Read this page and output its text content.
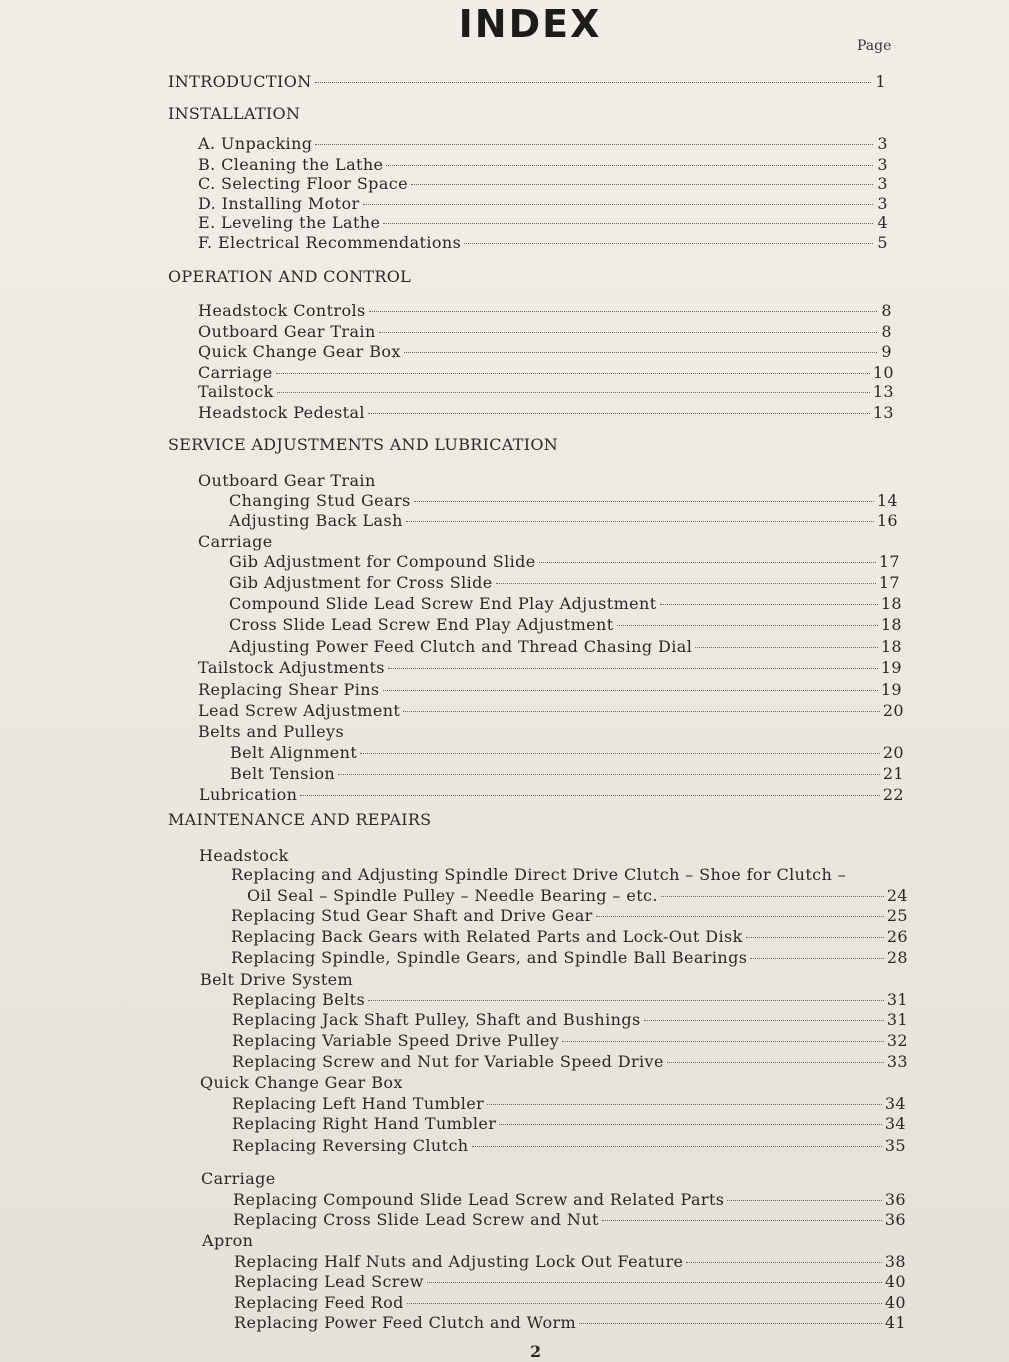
INDEX	Page
INTRODUCTION	1
INSTALLATION
A. Unpacking	3
B. Cleaning the Lathe	3
C. Selecting Floor Space	3
D. Installing Motor	3
E. Leveling the Lathe	4
F. Electrical Recommendations	5
OPERATION AND CONTROL
Headstock Controls	8
Outboard Gear Train	8
Quick Change Gear Box	9
Carriage	10
Tailstock	13
Headstock Pedestal	13
SERVICE ADJUSTMENTS AND LUBRICATION
Outboard Gear Train
Changing Stud Gears	14
Adjusting Back Lash	16
Carriage
Gib Adjustment for Compound Slide	17
Gib Adjustment for Cross Slide	17
Compound Slide Lead Screw End Play Adjustment	18
Cross Slide Lead Screw End Play Adjustment	18
Adjusting Power Feed Clutch and Thread Chasing Dial	18
Tailstock Adjustments	19
Replacing Shear Pins	19
Lead Screw Adjustment	20
Belts and Pulleys
Belt Alignment	20
Belt Tension	21
Lubrication	22
MAINTENANCE AND REPAIRS
Headstock
Replacing and Adjusting Spindle Direct Drive Clutch – Shoe for Clutch –
Oil Seal – Spindle Pulley – Needle Bearing – etc.	24
Replacing Stud Gear Shaft and Drive Gear	25
Replacing Back Gears with Related Parts and Lock-Out Disk	26
Replacing Spindle, Spindle Gears, and Spindle Ball Bearings	28
Belt Drive System
Replacing Belts	31
Replacing Jack Shaft Pulley, Shaft and Bushings	31
Replacing Variable Speed Drive Pulley	32
Replacing Screw and Nut for Variable Speed Drive	33
Quick Change Gear Box
Replacing Left Hand Tumbler	34
Replacing Right Hand Tumbler	34
Replacing Reversing Clutch	35
Carriage
Replacing Compound Slide Lead Screw and Related Parts	36
Replacing Cross Slide Lead Screw and Nut	36
Apron
Replacing Half Nuts and Adjusting Lock Out Feature	38
Replacing Lead Screw	40
Replacing Feed Rod	40
Replacing Power Feed Clutch and Worm	41
2
